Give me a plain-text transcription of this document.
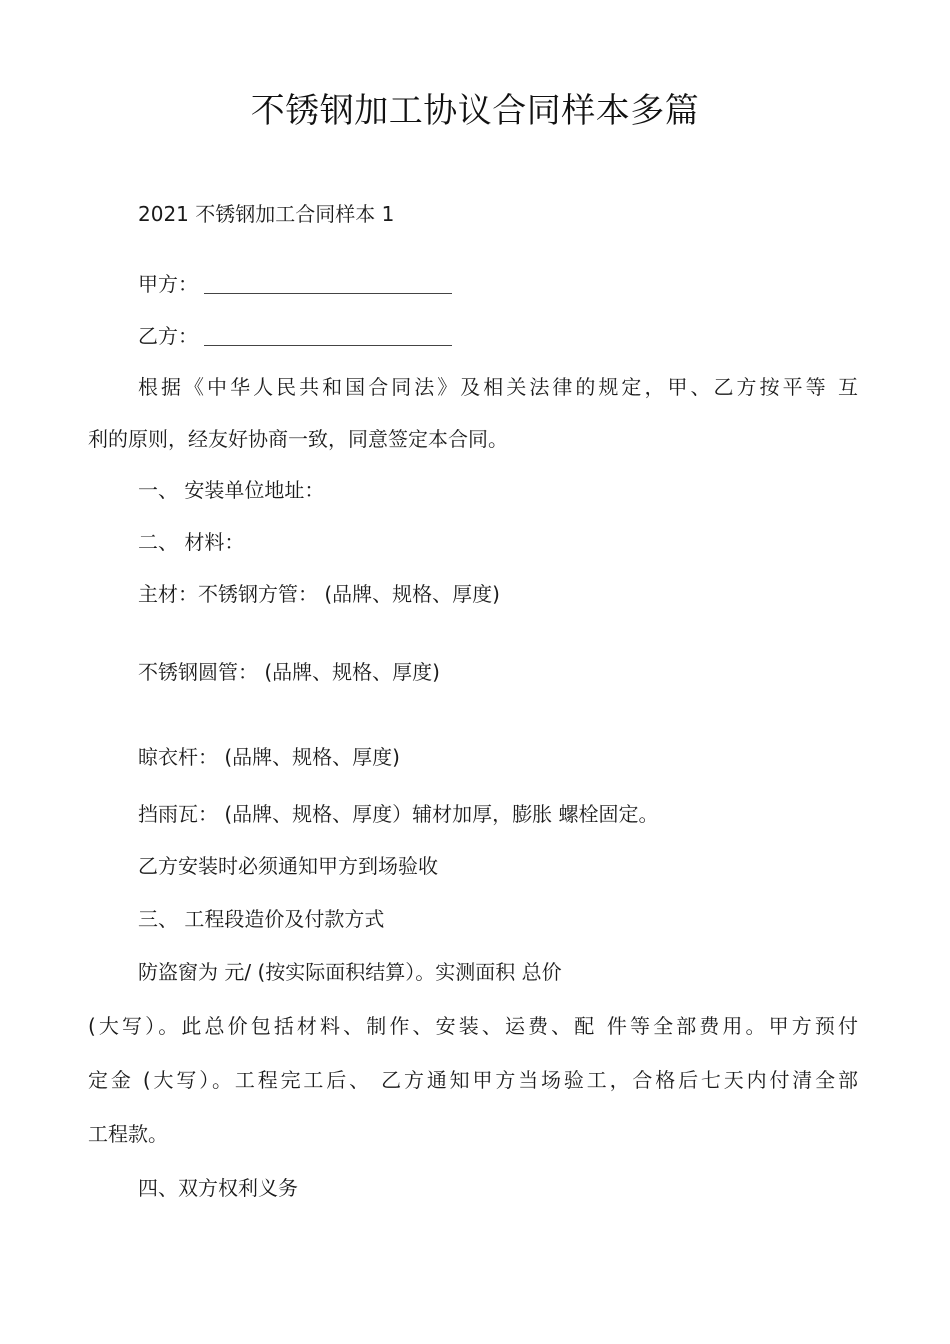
不锈钢加工协议合同样本多篇
2021 不锈钢加工合同样本 1
甲方：
乙方：
根据《中华人民共和国合同法》及相关法律的规定，甲、乙方按平等 互
利的原则，经友好协商一致，同意签定本合同。
一、 安装单位地址：
二、 材料：
主材：不锈钢方管： (品牌、规格、厚度)
不锈钢圆管： (品牌、规格、厚度)
晾衣杆： (品牌、规格、厚度)
挡雨瓦： (品牌、规格、厚度）辅材加厚，膨胀 螺栓固定。
乙方安装时必须通知甲方到场验收
三、 工程段造价及付款方式
防盗窗为 元/ (按实际面积结算）。实测面积 总价
(大写）。此总价包括材料、制作、安装、运费、配 件等全部费用。甲方预付
定金 (大写）。工程完工后、 乙方通知甲方当场验工，合格后七天内付清全部
工程款。
四、双方权利义务
